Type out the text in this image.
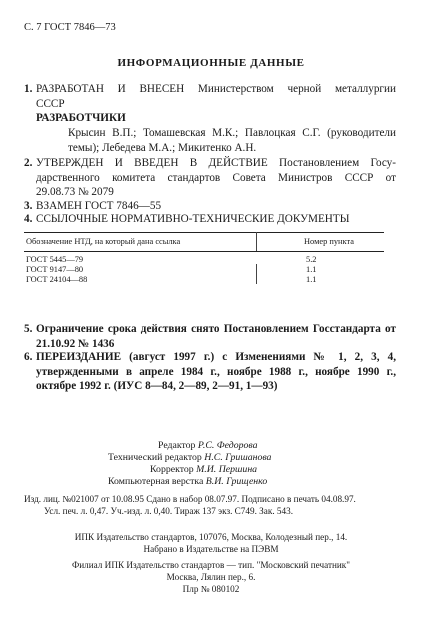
С. 7 ГОСТ 7846—73
ИНФОРМАЦИОННЫЕ ДАННЫЕ
1. РАЗРАБОТАН И ВНЕСЕН Министерством черной металлургии
СССР
РАЗРАБОТЧИКИ
Крысин В.П.; Томашевская М.К.; Павлоцкая С.Г. (руководители
темы); Лебедева М.А.; Микитенко А.Н.
2. УТВЕРЖДЕН И ВВЕДЕН В ДЕЙСТВИЕ Постановлением Госу-
дарственного комитета стандартов Совета Министров СССР от
29.08.73 № 2079
3. ВЗАМЕН ГОСТ 7846—55
4. ССЫЛОЧНЫЕ НОРМАТИВНО-ТЕХНИЧЕСКИЕ ДОКУМЕНТЫ
Обозначение НТД, на который дана ссылка	Номер пункта
ГОСТ 5445—79	5.2
ГОСТ 9147—80	1.1
ГОСТ 24104—88	1.1
5. Ограничение срока действия снято Постановлением Госстандарта от
21.10.92 № 1436
6. ПЕРЕИЗДАНИЕ (август 1997 г.) с Изменениями № 1, 2, 3, 4,
утвержденными в апреле 1984 г., ноябре 1988 г., ноябре 1990 г.,
октябре 1992 г. (ИУС 8—84, 2—89, 2—91, 1—93)
Редактор Р.С. Федорова
Технический редактор Н.С. Гришанова
Корректор М.И. Першина
Компьютерная верстка В.И. Грищенко
Изд. лиц. №021007 от 10.08.95 Сдано в набор 08.07.97. Подписано в печать 04.08.97.
Усл. печ. л. 0,47. Уч.-изд. л. 0,40. Тираж 137 экз. С749. Зак. 543.
ИПК Издательство стандартов, 107076, Москва, Колодезный пер., 14.
Набрано в Издательстве на ПЭВМ
Филиал ИПК Издательство стандартов — тип. "Московский печатник"
Москва, Лялин пер., 6.
Плр № 080102
